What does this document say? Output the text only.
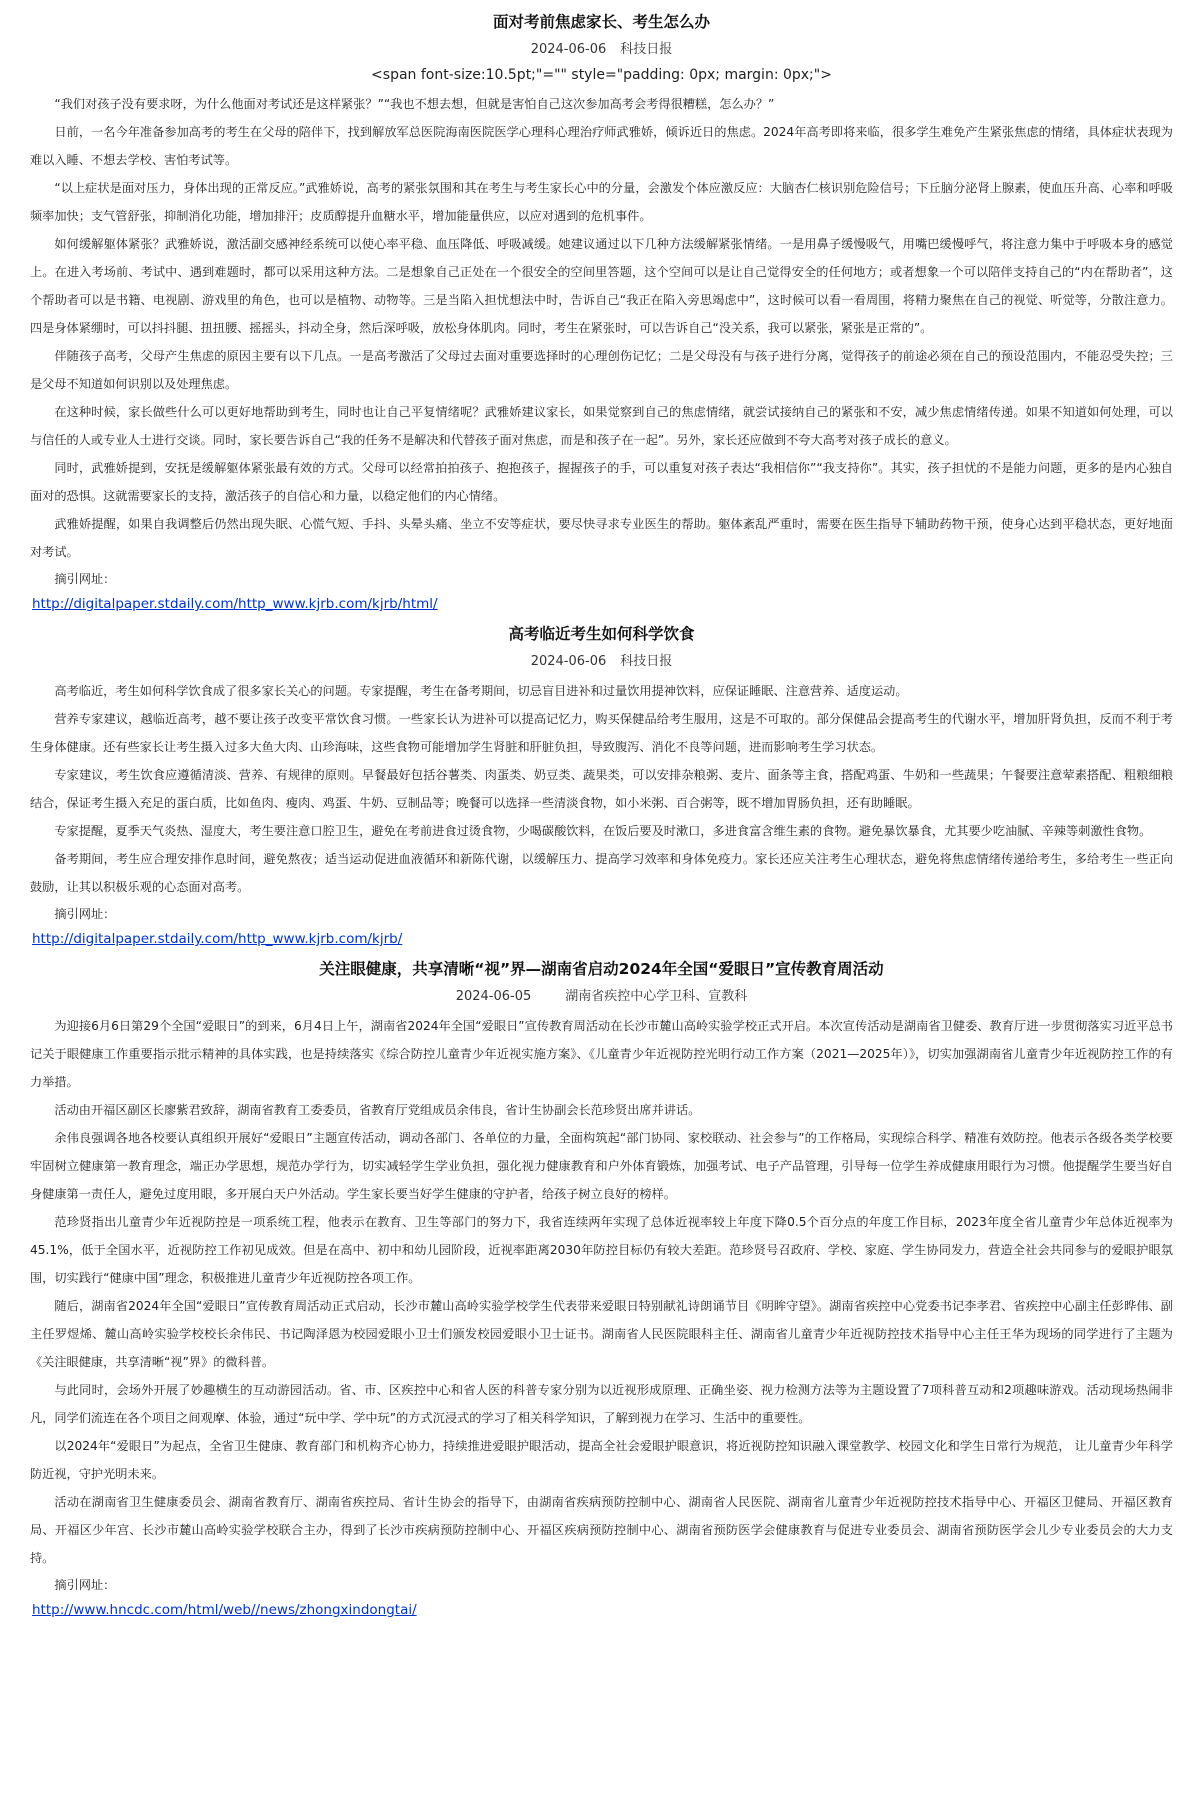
面对考前焦虑家长、考生怎么办
2024-06-06 科技日报
<span font-size:10.5pt;"="" style="padding: 0px; margin: 0px;">

“我们对孩子没有要求呀，为什么他面对考试还是这样紧张？”“我也不想去想，但就是害怕自己这次参加高考会考得很糟糕，怎么办？”

日前，一名今年准备参加高考的考生在父母的陪伴下，找到解放军总医院海南医院医学心理科心理治疗师武雅娇，倾诉近日的焦虑。2024年高考即将来临，很多学生难免产生紧张焦虑的情绪，具体症状表现为难以入睡、不想去学校、害怕考试等。

“以上症状是面对压力，身体出现的正常反应。”武雅娇说，高考的紧张氛围和其在考生与考生家长心中的分量，会激发个体应激反应：大脑杏仁核识别危险信号；下丘脑分泌肾上腺素，使血压升高、心率和呼吸频率加快；支气管舒张，抑制消化功能，增加排汗；皮质醇提升血糖水平，增加能量供应，以应对遇到的危机事件。

如何缓解躯体紧张？武雅娇说，激活副交感神经系统可以使心率平稳、血压降低、呼吸减缓。她建议通过以下几种方法缓解紧张情绪。一是用鼻子缓慢吸气，用嘴巴缓慢呼气，将注意力集中于呼吸本身的感觉上。在进入考场前、考试中、遇到难题时，都可以采用这种方法。二是想象自己正处在一个很安全的空间里答题，这个空间可以是让自己觉得安全的任何地方；或者想象一个可以陪伴支持自己的“内在帮助者”，这个帮助者可以是书籍、电视剧、游戏里的角色，也可以是植物、动物等。三是当陷入担忧想法中时，告诉自己“我正在陷入旁思竭虑中”，这时候可以看一看周围，将精力聚焦在自己的视觉、听觉等，分散注意力。四是身体紧绷时，可以抖抖腿、扭扭腰、摇摇头，抖动全身，然后深呼吸，放松身体肌肉。同时，考生在紧张时，可以告诉自己“没关系，我可以紧张，紧张是正常的”。

伴随孩子高考，父母产生焦虑的原因主要有以下几点。一是高考激活了父母过去面对重要选择时的心理创伤记忆；二是父母没有与孩子进行分离，觉得孩子的前途必须在自己的预设范围内，不能忍受失控；三是父母不知道如何识别以及处理焦虑。

在这种时候，家长做些什么可以更好地帮助到考生，同时也让自己平复情绪呢？武雅娇建议家长，如果觉察到自己的焦虑情绪，就尝试接纳自己的紧张和不安，减少焦虑情绪传递。如果不知道如何处理，可以与信任的人或专业人士进行交谈。同时，家长要告诉自己“我的任务不是解决和代替孩子面对焦虑，而是和孩子在一起”。另外，家长还应做到不夸大高考对孩子成长的意义。

同时，武雅娇提到，安抚是缓解躯体紧张最有效的方式。父母可以经常拍拍孩子、抱抱孩子，握握孩子的手，可以重复对孩子表达“我相信你”“我支持你”。其实，孩子担忧的不是能力问题，更多的是内心独自面对的恐惧。这就需要家长的支持，激活孩子的自信心和力量，以稳定他们的内心情绪。

武雅娇提醒，如果自我调整后仍然出现失眠、心慌气短、手抖、头晕头痛、坐立不安等症状，要尽快寻求专业医生的帮助。躯体紊乱严重时，需要在医生指导下辅助药物干预，使身心达到平稳状态，更好地面对考试。

摘引网址：

http://digitalpaper.stdaily.com/http_www.kjrb.com/kjrb/html/
高考临近考生如何科学饮食
2024-06-06 科技日报

高考临近，考生如何科学饮食成了很多家长关心的问题。专家提醒，考生在备考期间，切忌盲目进补和过量饮用提神饮料，应保证睡眠、注意营养、适度运动。

营养专家建议，越临近高考，越不要让孩子改变平常饮食习惯。一些家长认为进补可以提高记忆力，购买保健品给考生服用，这是不可取的。部分保健品会提高考生的代谢水平，增加肝肾负担，反而不利于考生身体健康。还有些家长让考生摄入过多大鱼大肉、山珍海味，这些食物可能增加学生肾脏和肝脏负担，导致腹泻、消化不良等问题，进而影响考生学习状态。

专家建议，考生饮食应遵循清淡、营养、有规律的原则。早餐最好包括谷薯类、肉蛋类、奶豆类、蔬果类，可以安排杂粮粥、麦片、面条等主食，搭配鸡蛋、牛奶和一些蔬果；午餐要注意荤素搭配、粗粮细粮结合，保证考生摄入充足的蛋白质，比如鱼肉、瘦肉、鸡蛋、牛奶、豆制品等；晚餐可以选择一些清淡食物，如小米粥、百合粥等，既不增加胃肠负担，还有助睡眠。

专家提醒，夏季天气炎热、湿度大，考生要注意口腔卫生，避免在考前进食过烫食物，少喝碳酸饮料，在饭后要及时漱口，多进食富含维生素的食物。避免暴饮暴食，尤其要少吃油腻、辛辣等刺激性食物。

备考期间，考生应合理安排作息时间，避免熬夜；适当运动促进血液循环和新陈代谢，以缓解压力、提高学习效率和身体免疫力。家长还应关注考生心理状态，避免将焦虑情绪传递给考生，多给考生一些正向鼓励，让其以积极乐观的心态面对高考。

摘引网址：

http://digitalpaper.stdaily.com/http_www.kjrb.com/kjrb/
关注眼健康，共享清晰“视”界—湖南省启动2024年全国“爱眼日”宣传教育周活动
2024-06-05	湖南省疾控中心学卫科、宣教科

为迎接6月6日第29个全国“爱眼日”的到来，6月4日上午，湖南省2024年全国“爱眼日”宣传教育周活动在长沙市麓山高岭实验学校正式开启。本次宣传活动是湖南省卫健委、教育厅进一步贯彻落实习近平总书记关于眼健康工作重要指示批示精神的具体实践，也是持续落实《综合防控儿童青少年近视实施方案》、《儿童青少年近视防控光明行动工作方案（2021—2025年）》，切实加强湖南省儿童青少年近视防控工作的有力举措。

活动由开福区副区长廖紫君致辞，湖南省教育工委委员，省教育厅党组成员余伟良，省计生协副会长范珍贤出席并讲话。

余伟良强调各地各校要认真组织开展好“爱眼日”主题宣传活动，调动各部门、各单位的力量，全面构筑起“部门协同、家校联动、社会参与”的工作格局，实现综合科学、精准有效防控。他表示各级各类学校要牢固树立健康第一教育理念，端正办学思想，规范办学行为，切实减轻学生学业负担，强化视力健康教育和户外体育锻炼，加强考试、电子产品管理，引导每一位学生养成健康用眼行为习惯。他提醒学生要当好自身健康第一责任人，避免过度用眼，多开展白天户外活动。学生家长要当好学生健康的守护者，给孩子树立良好的榜样。

范珍贤指出儿童青少年近视防控是一项系统工程，他表示在教育、卫生等部门的努力下，我省连续两年实现了总体近视率较上年度下降0.5个百分点的年度工作目标，2023年度全省儿童青少年总体近视率为45.1%，低于全国水平，近视防控工作初见成效。但是在高中、初中和幼儿园阶段，近视率距离2030年防控目标仍有较大差距。范珍贤号召政府、学校、家庭、学生协同发力，营造全社会共同参与的爱眼护眼氛围，切实践行“健康中国”理念，积极推进儿童青少年近视防控各项工作。

随后，湖南省2024年全国“爱眼日”宣传教育周活动正式启动，长沙市麓山高岭实验学校学生代表带来爱眼日特别献礼诗朗诵节目《明眸守望》。湖南省疾控中心党委书记李孝君、省疾控中心副主任彭晔伟、副主任罗煜烯、麓山高岭实验学校校长余伟民、书记陶泽恩为校园爱眼小卫士们颁发校园爱眼小卫士证书。湖南省人民医院眼科主任、湖南省儿童青少年近视防控技术指导中心主任王华为现场的同学进行了主题为《关注眼健康，共享清晰“视”界》的微科普。

与此同时，会场外开展了妙趣横生的互动游园活动。省、市、区疾控中心和省人医的科普专家分别为以近视形成原理、正确坐姿、视力检测方法等为主题设置了7项科普互动和2项趣味游戏。活动现场热闹非凡，同学们流连在各个项目之间观摩、体验，通过“玩中学、学中玩”的方式沉浸式的学习了相关科学知识，了解到视力在学习、生活中的重要性。

以2024年“爱眼日”为起点，全省卫生健康、教育部门和机构齐心协力，持续推进爱眼护眼活动，提高全社会爱眼护眼意识，将近视防控知识融入课堂教学、校园文化和学生日常行为规范， 让儿童青少年科学防近视，守护光明未来。

活动在湖南省卫生健康委员会、湖南省教育厅、湖南省疾控局、省计生协会的指导下，由湖南省疾病预防控制中心、湖南省人民医院、湖南省儿童青少年近视防控技术指导中心、开福区卫健局、开福区教育局、开福区少年宫、长沙市麓山高岭实验学校联合主办，得到了长沙市疾病预防控制中心、开福区疾病预防控制中心、湖南省预防医学会健康教育与促进专业委员会、湖南省预防医学会儿少专业委员会的大力支持。

摘引网址：

http://www.hncdc.com/html/web//news/zhongxindongtai/
